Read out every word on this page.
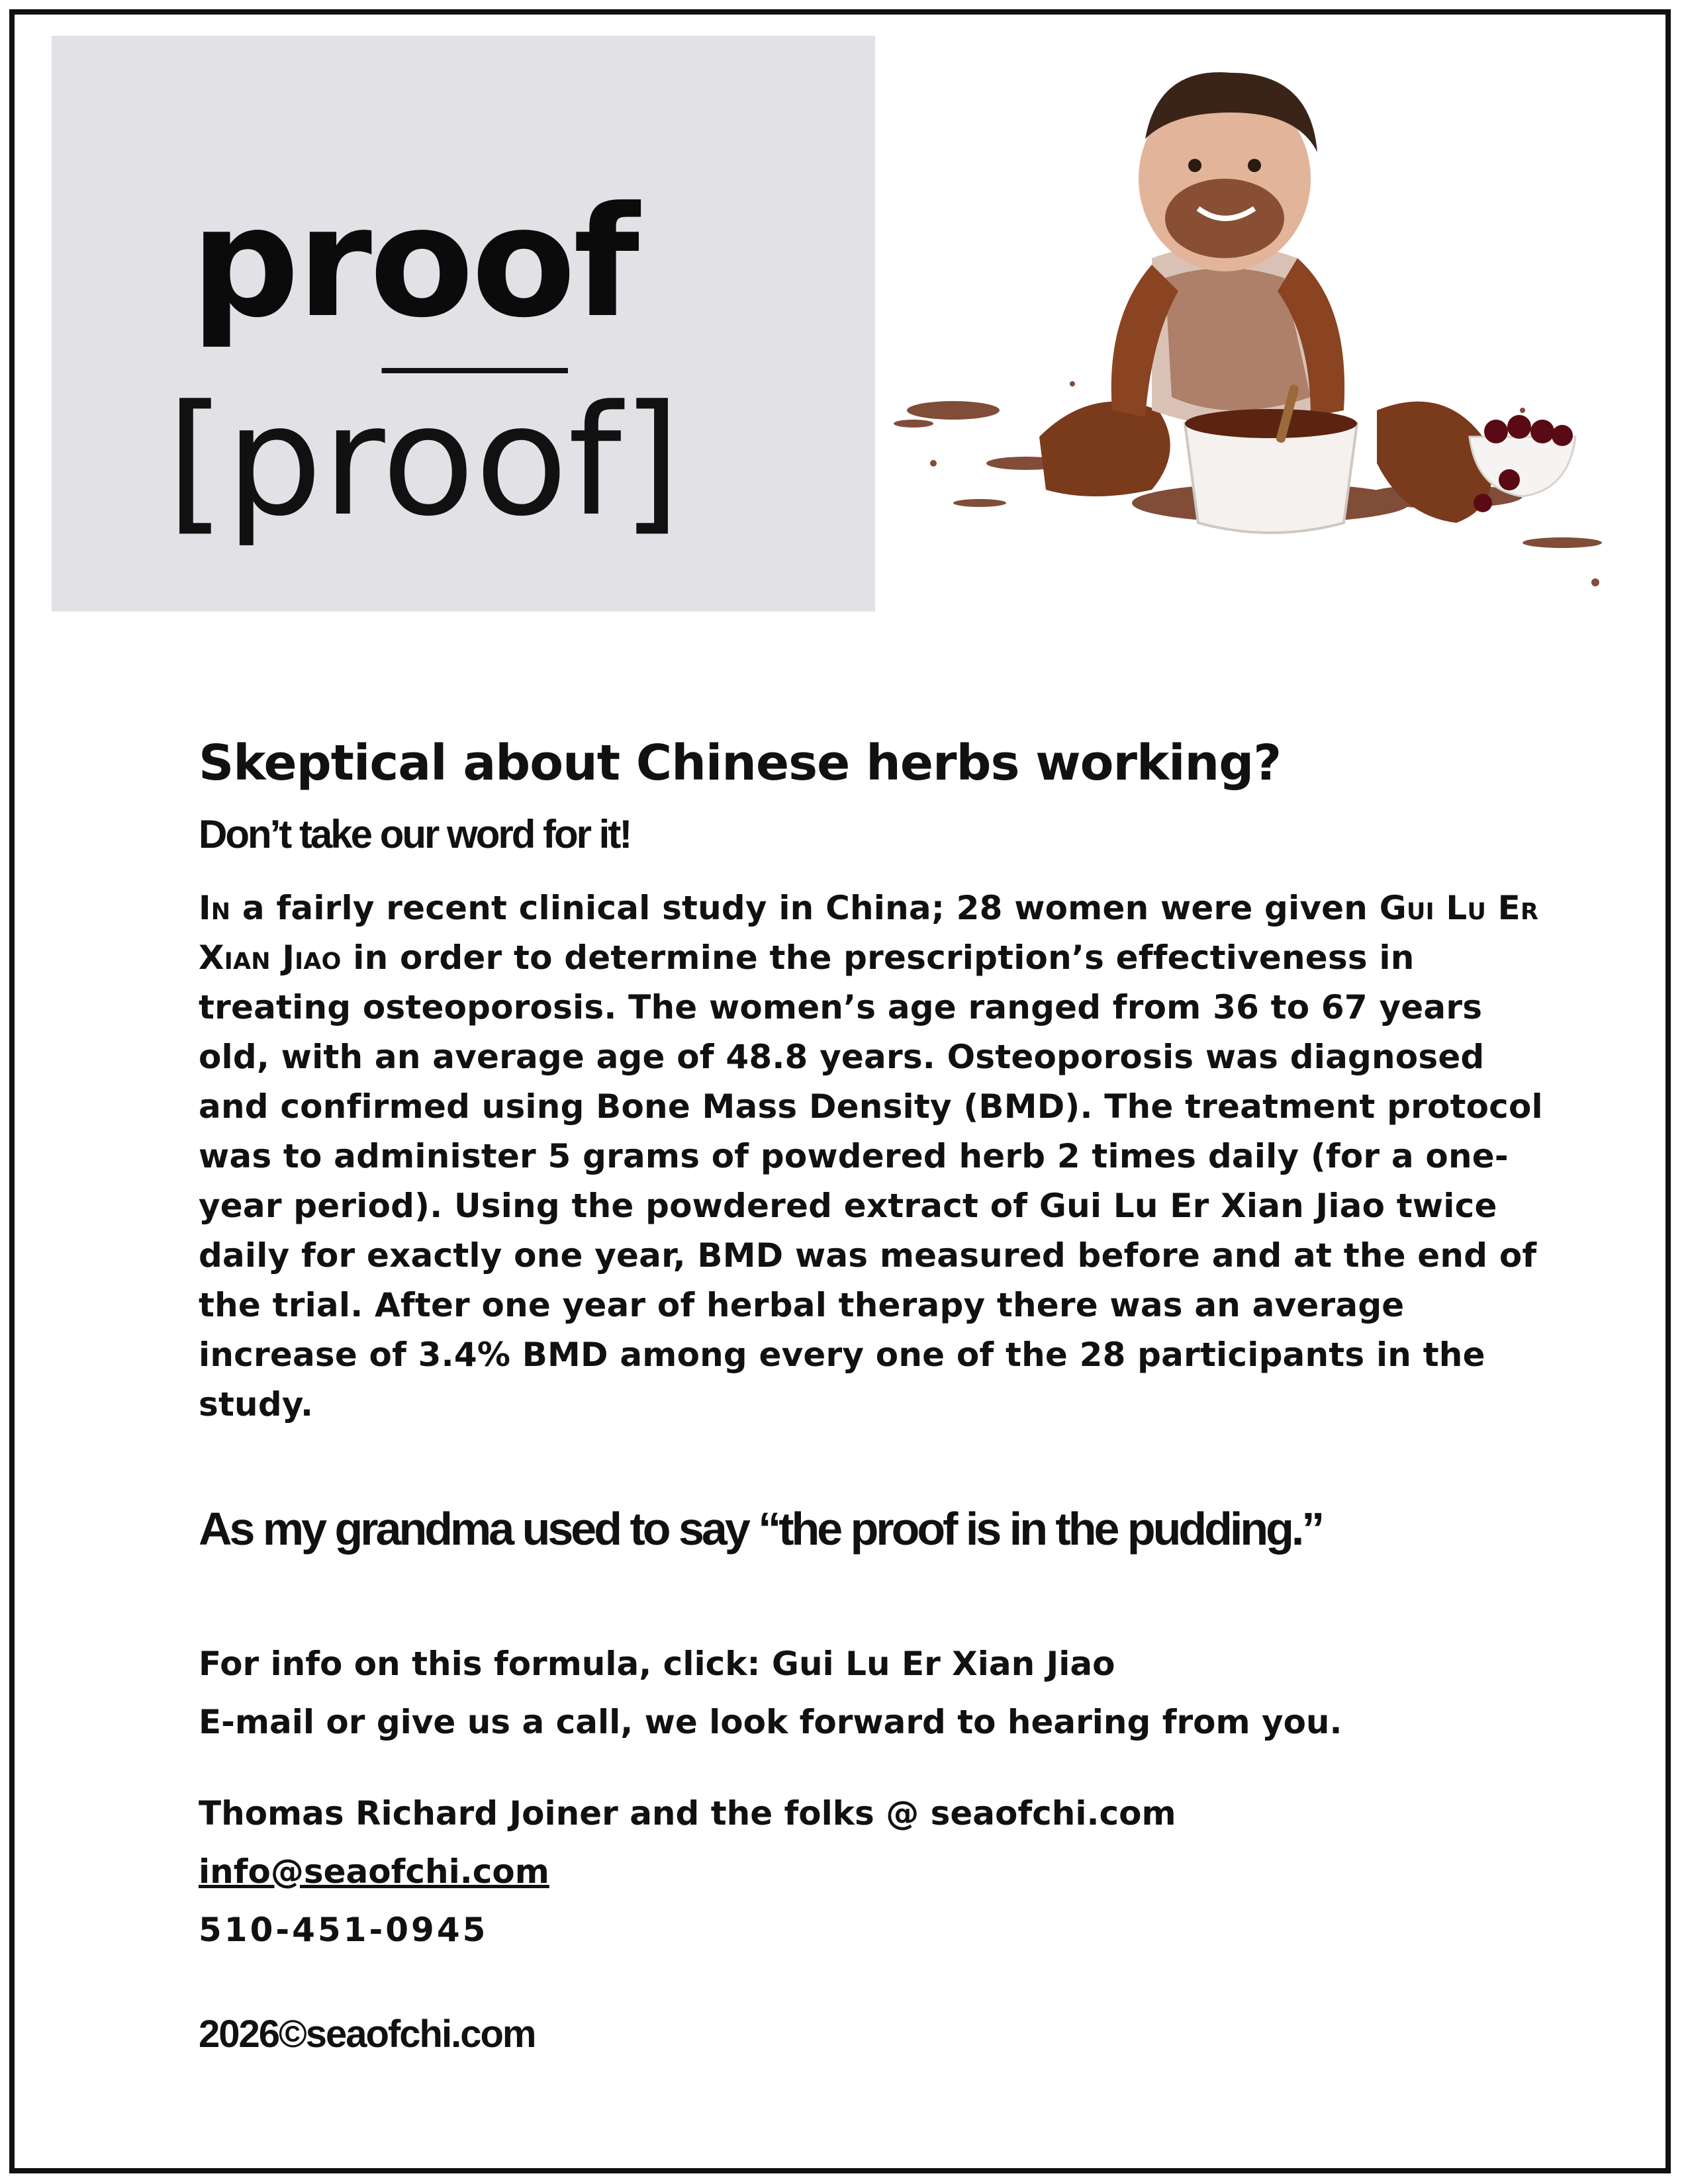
proof
$[pr\overline{oo}f]$
Skeptical about Chinese herbs working?
Don’t take our word for it!

In a fairly recent clinical study in China; 28 women were given Gui Lu Er Xian Jiao in order to determine the prescription’s effectiveness in treating osteoporosis. The women’s age ranged from 36 to 67 years old, with an average age of 48.8 years. Osteoporosis was diagnosed and confirmed using Bone Mass Density (BMD). The treatment protocol was to administer 5 grams of powdered herb 2 times daily (for a one-year period). Using the powdered extract of Gui Lu Er Xian Jiao twice daily for exactly one year, BMD was measured before and at the end of the trial. After one year of herbal therapy there was an average increase of 3.4% BMD among every one of the 28 participants in the study.

As my grandma used to say “the proof is in the pudding.”

For info on this formula, click: Gui Lu Er Xian Jiao
E-mail or give us a call, we look forward to hearing from you.
Thomas Richard Joiner and the folks @ seaofchi.com
info@seaofchi.com
510-451-0945
2026©seaofchi.com
